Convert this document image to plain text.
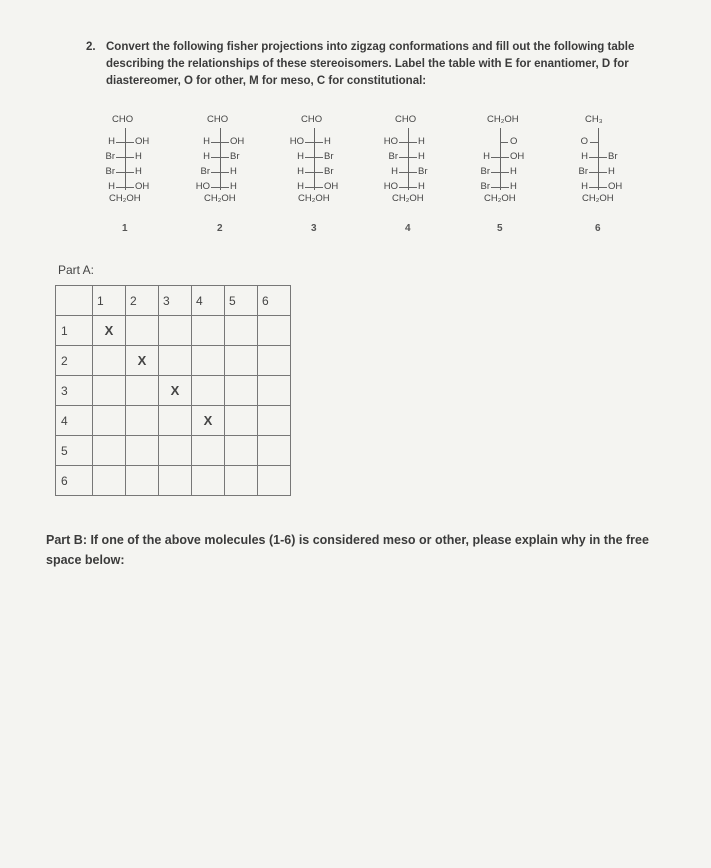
2. Convert the following fisher projections into zigzag conformations and fill out the following table
describing the relationships of these stereoisomers. Label the table with E for enantiomer, D for
diastereomer, O for other, M for meso, C for constitutional:
CHO
H OH
Br H
Br H
H OH
CH₂OH
1
CHO
H OH
H Br
Br H
HO H
CH₂OH
2
CHO
HO H
H Br
H Br
H OH
CH₂OH
3
CHO
HO H
Br H
H Br
HO H
CH₂OH
4
CH₂OH
O
H OH
Br H
Br H
CH₂OH
5
CH₃
O
H Br
Br H
H OH
CH₂OH
6
Part A:
	1	2	3	4	5	6
1	X					
2		X				
3			X			
4				X		
5						
6						
Part B: If one of the above molecules (1-6) is considered meso or other, please explain why in the free
space below:
